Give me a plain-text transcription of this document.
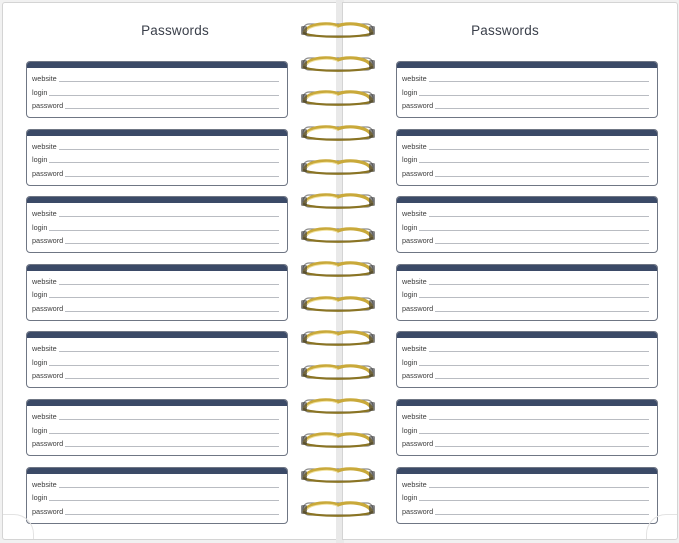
Passwords
website
login
password
website
login
password
website
login
password
website
login
password
website
login
password
website
login
password
website
login
password
Passwords
website
login
password
website
login
password
website
login
password
website
login
password
website
login
password
website
login
password
website
login
password
